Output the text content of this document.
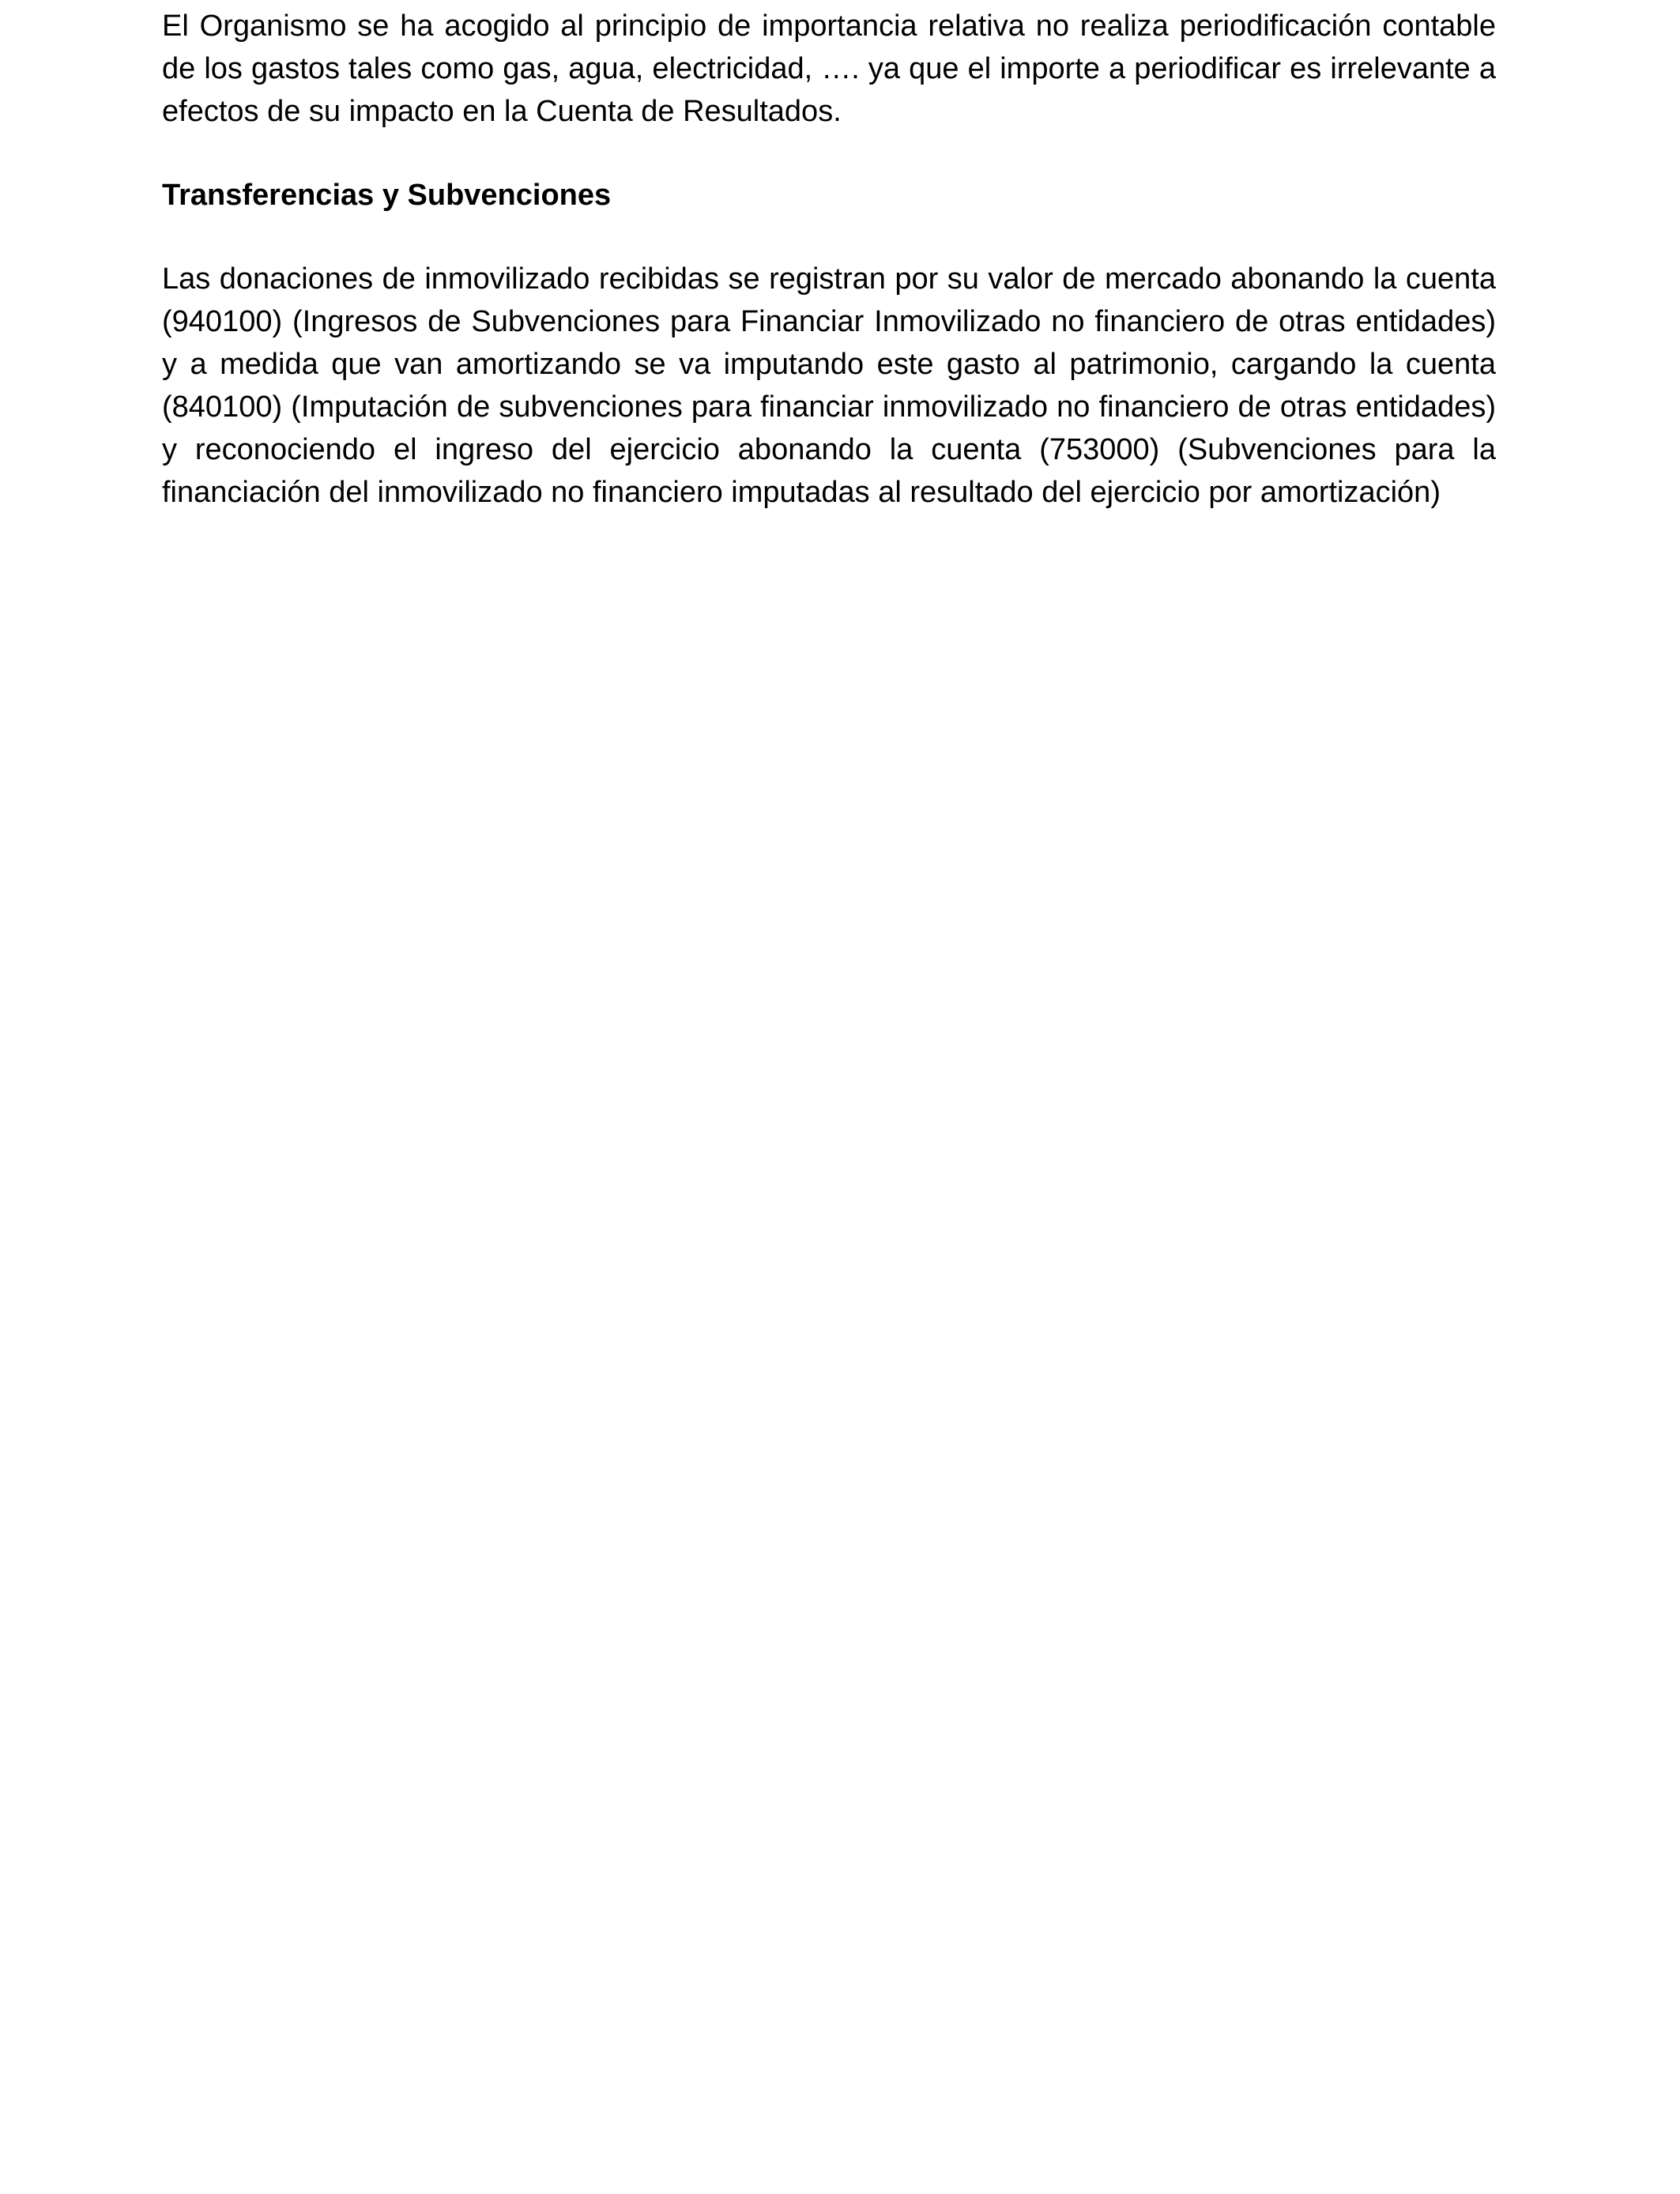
El Organismo se ha acogido al principio de importancia relativa no realiza periodificación contable de los gastos tales como gas, agua, electricidad, …. ya que el importe a periodificar es irrelevante a efectos de su impacto en la Cuenta de Resultados.

Transferencias y Subvenciones

Las donaciones de inmovilizado recibidas se registran por su valor de mercado abonando la cuenta (940100) (Ingresos de Subvenciones para Financiar Inmovilizado no financiero de otras entidades) y a medida que van amortizando se va imputando este gasto al patrimonio, cargando la cuenta (840100) (Imputación de subvenciones para financiar inmovilizado no financiero de otras entidades) y reconociendo el ingreso del ejercicio abonando la cuenta (753000) (Subvenciones para la financiación del inmovilizado no financiero imputadas al resultado del ejercicio por amortización)
